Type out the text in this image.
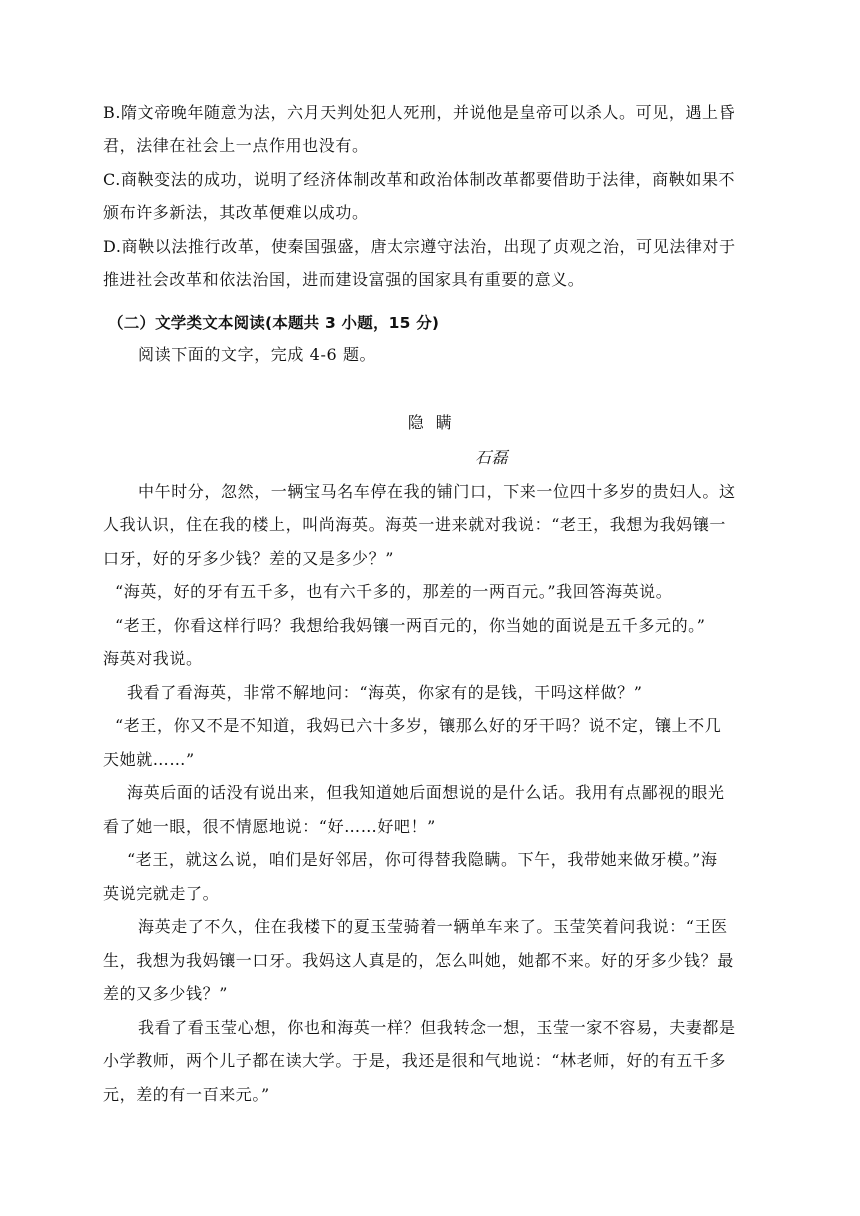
B.隋文帝晚年随意为法，六月天判处犯人死刑，并说他是皇帝可以杀人。可见，遇上昏
君，法律在社会上一点作用也没有。
C.商鞅变法的成功，说明了经济体制改革和政治体制改革都要借助于法律，商鞅如果不
颁布许多新法，其改革便难以成功。
D.商鞅以法推行改革，使秦国强盛，唐太宗遵守法治，出现了贞观之治，可见法律对于
推进社会改革和依法治国，进而建设富强的国家具有重要的意义。
（二）文学类文本阅读(本题共 3 小题，15 分)
阅读下面的文字，完成 4-6 题。
隐  瞒
石磊
中午时分，忽然，一辆宝马名车停在我的铺门口，下来一位四十多岁的贵妇人。这
人我认识，住在我的楼上，叫尚海英。海英一进来就对我说：“老王，我想为我妈镶一
口牙，好的牙多少钱？差的又是多少？”
“海英，好的牙有五千多，也有六千多的，那差的一两百元。”我回答海英说。
“老王，你看这样行吗？我想给我妈镶一两百元的，你当她的面说是五千多元的。”
海英对我说。
我看了看海英，非常不解地问：“海英，你家有的是钱，干吗这样做？”
“老王，你又不是不知道，我妈已六十多岁，镶那么好的牙干吗？说不定，镶上不几
天她就……”
海英后面的话没有说出来，但我知道她后面想说的是什么话。我用有点鄙视的眼光
看了她一眼，很不情愿地说：“好……好吧！”
“老王，就这么说，咱们是好邻居，你可得替我隐瞒。下午，我带她来做牙模。”海
英说完就走了。
海英走了不久，住在我楼下的夏玉莹骑着一辆单车来了。玉莹笑着问我说：“王医
生，我想为我妈镶一口牙。我妈这人真是的，怎么叫她，她都不来。好的牙多少钱？最
差的又多少钱？”
我看了看玉莹心想，你也和海英一样？但我转念一想，玉莹一家不容易，夫妻都是
小学教师，两个儿子都在读大学。于是，我还是很和气地说：“林老师，好的有五千多
元，差的有一百来元。”
